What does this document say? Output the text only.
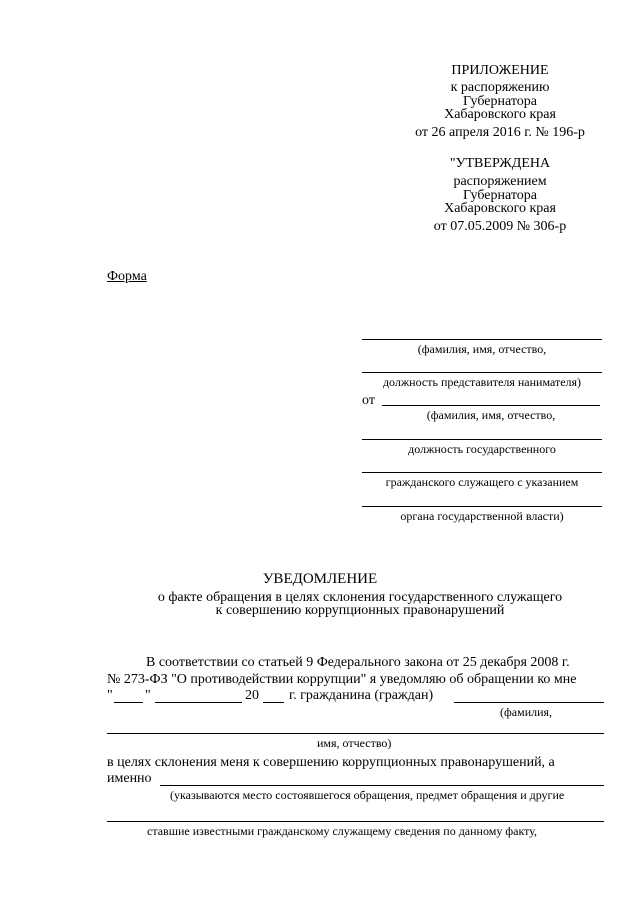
ПРИЛОЖЕНИЕ
к распоряжению
Губернатора
Хабаровского края
от 26 апреля 2016 г. № 196-р
"УТВЕРЖДЕНА
распоряжением
Губернатора
Хабаровского края
от 07.05.2009 № 306-р
Форма
(фамилия, имя, отчество,
должность представителя нанимателя)
от
(фамилия, имя, отчество,
должность государственного
гражданского служащего с указанием
органа государственной власти)
УВЕДОМЛЕНИЕ
о факте обращения в целях склонения государственного служащего
к совершению коррупционных правонарушений
В соответствии со статьей 9 Федерального закона от 25 декабря 2008 г.
№ 273-ФЗ "О противодействии коррупции" я уведомляю об обращении ко мне
" "	20 г. гражданина (граждан)
(фамилия,
имя, отчество)
в целях склонения меня к совершению коррупционных правонарушений, а
именно
(указываются место состоявшегося обращения, предмет обращения и другие
ставшие известными гражданскому служащему сведения по данному факту,
